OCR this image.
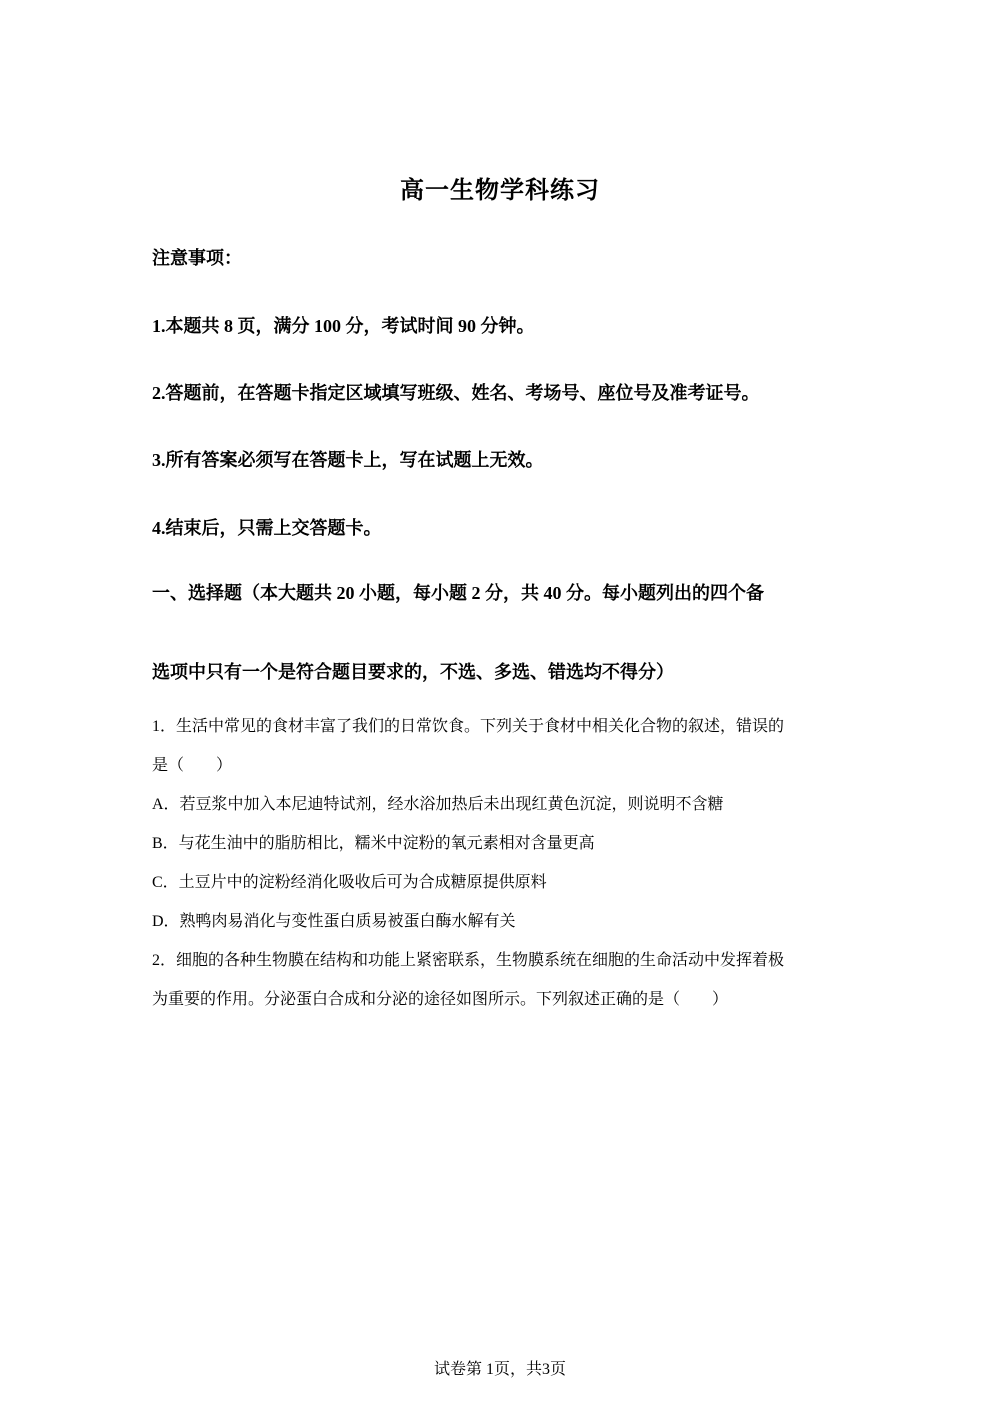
高一生物学科练习
注意事项：
1.本题共 8 页，满分 100 分，考试时间 90 分钟。
2.答题前，在答题卡指定区域填写班级、姓名、考场号、座位号及准考证号。
3.所有答案必须写在答题卡上，写在试题上无效。
4.结束后，只需上交答题卡。
一、选择题（本大题共 20 小题，每小题 2 分，共 40 分。每小题列出的四个备
选项中只有一个是符合题目要求的，不选、多选、错选均不得分）
1．生活中常见的食材丰富了我们的日常饮食。下列关于食材中相关化合物的叙述，错误的
是（　　）
A．若豆浆中加入本尼迪特试剂，经水浴加热后未出现红黄色沉淀，则说明不含糖
B．与花生油中的脂肪相比，糯米中淀粉的氧元素相对含量更高
C．土豆片中的淀粉经消化吸收后可为合成糖原提供原料
D．熟鸭肉易消化与变性蛋白质易被蛋白酶水解有关
2．细胞的各种生物膜在结构和功能上紧密联系，生物膜系统在细胞的生命活动中发挥着极
为重要的作用。分泌蛋白合成和分泌的途径如图所示。下列叙述正确的是（　　）
试卷第 1页，共3页
